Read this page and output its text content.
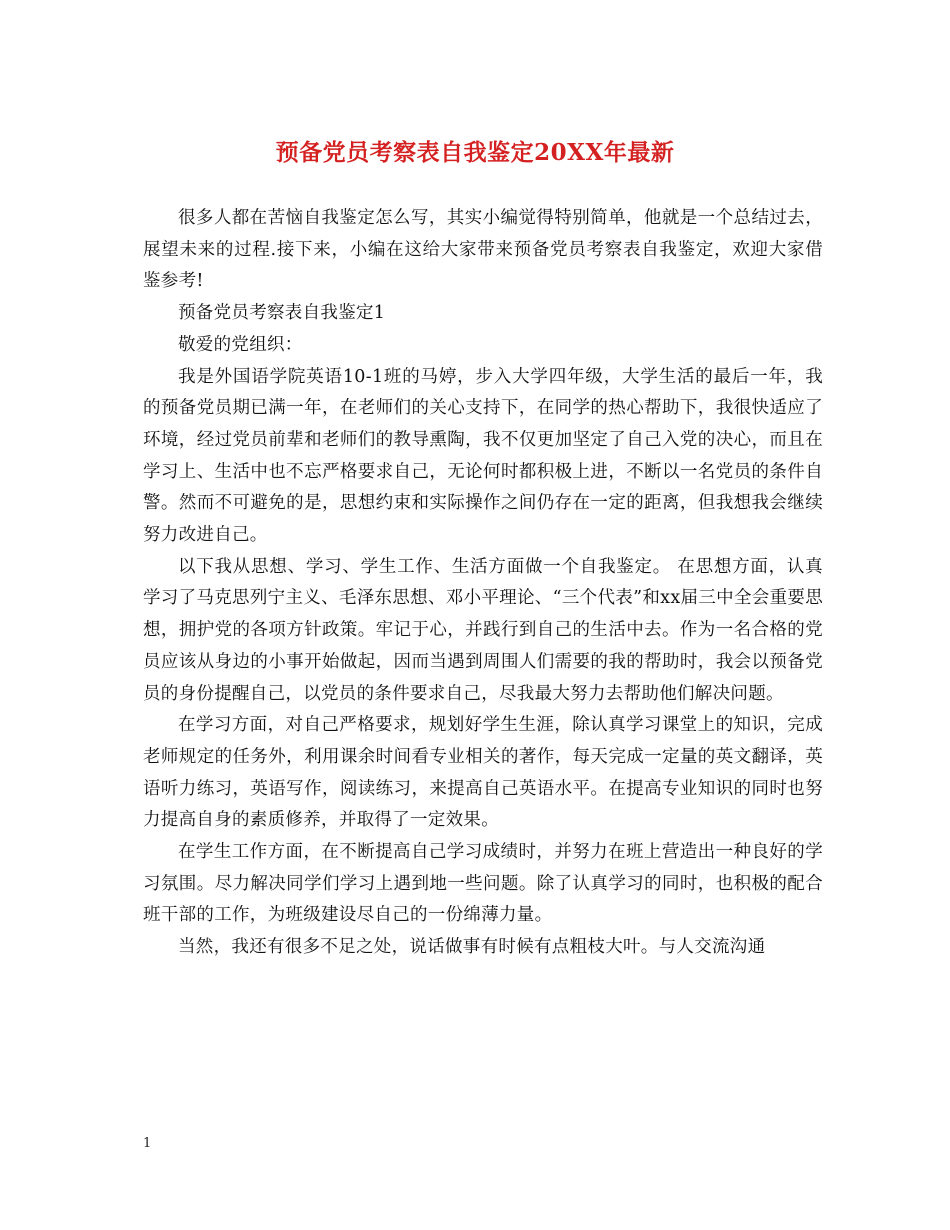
预备党员考察表自我鉴定20XX年最新

很多人都在苦恼自我鉴定怎么写，其实小编觉得特别简单，他就是一个总结过去，展望未来的过程.接下来，小编在这给大家带来预备党员考察表自我鉴定，欢迎大家借鉴参考!

预备党员考察表自我鉴定1

敬爱的党组织：

我是外国语学院英语10-1班的马婷，步入大学四年级，大学生活的最后一年，我的预备党员期已满一年，在老师们的关心支持下，在同学的热心帮助下，我很快适应了环境，经过党员前辈和老师们的教导熏陶，我不仅更加坚定了自己入党的决心，而且在学习上、生活中也不忘严格要求自己，无论何时都积极上进，不断以一名党员的条件自警。然而不可避免的是，思想约束和实际操作之间仍存在一定的距离，但我想我会继续努力改进自己。

以下我从思想、学习、学生工作、生活方面做一个自我鉴定。 在思想方面，认真学习了马克思列宁主义、毛泽东思想、邓小平理论、“三个代表”和xx届三中全会重要思想，拥护党的各项方针政策。牢记于心，并践行到自己的生活中去。作为一名合格的党员应该从身边的小事开始做起，因而当遇到周围人们需要的我的帮助时，我会以预备党员的身份提醒自己，以党员的条件要求自己，尽我最大努力去帮助他们解决问题。

在学习方面，对自己严格要求，规划好学生生涯，除认真学习课堂上的知识，完成老师规定的任务外，利用课余时间看专业相关的著作，每天完成一定量的英文翻译，英语听力练习，英语写作，阅读练习，来提高自己英语水平。在提高专业知识的同时也努力提高自身的素质修养，并取得了一定效果。

在学生工作方面，在不断提高自己学习成绩时，并努力在班上营造出一种良好的学习氛围。尽力解决同学们学习上遇到地一些问题。除了认真学习的同时，也积极的配合班干部的工作，为班级建设尽自己的一份绵薄力量。

当然，我还有很多不足之处，说话做事有时候有点粗枝大叶。与人交流沟通

1
